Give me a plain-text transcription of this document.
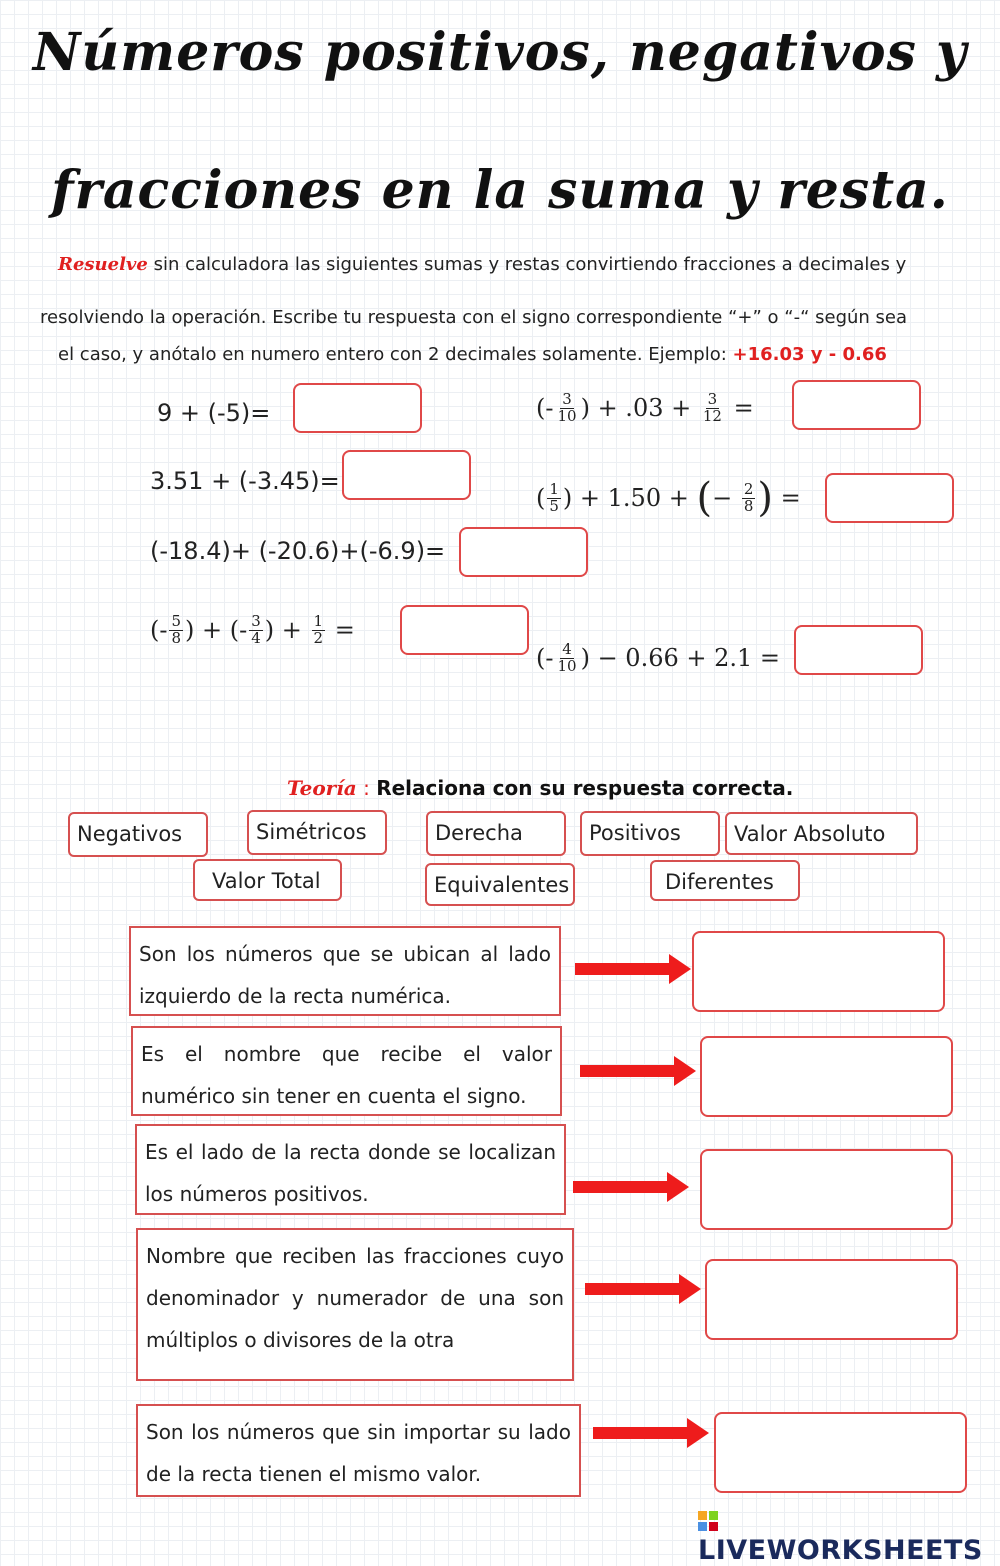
Números positivos, negativos y
fracciones en la suma y resta.
Resuelve sin calculadora las siguientes sumas y restas convirtiendo fracciones a decimales y
resolviendo la operación. Escribe tu respuesta con el signo correspondiente “+” o “-“ según sea
el caso, y anótalo en numero entero con 2 decimales solamente. Ejemplo: +16.03 y - 0.66
9 + (-5)=
3.51 + (-3.45)=
(-18.4)+ (-20.6)+(-6.9)=
(- $\frac{5}{8}$ ) + (- $\frac{3}{4}$ ) +
$\frac{1}{2}$
=
(- $\frac{3}{10}$ ) + .03 +
$\frac{3}{12}$
=
( $\frac{1}{5}$ ) + 1.50 +
( −
$\frac{2}{8}$ )
=
(- $\frac{4}{10}$ ) − 0.66 + 2.1 =
Teoría : Relaciona con su respuesta correcta.
Negativos	Simétricos	Derecha	Positivos	Valor Absoluto
Valor Total	Equivalentes	Diferentes
Son los números que se ubican al lado izquierdo de la recta numérica.
Es el nombre que recibe el valor numérico sin tener en cuenta el signo.
Es el lado de la recta donde se localizan los números positivos.
Nombre que reciben las fracciones cuyo denominador y numerador de una son múltiplos o divisores de la otra
Son los números que sin importar su lado de la recta tienen el mismo valor.
LIVEWORKSHEETS
